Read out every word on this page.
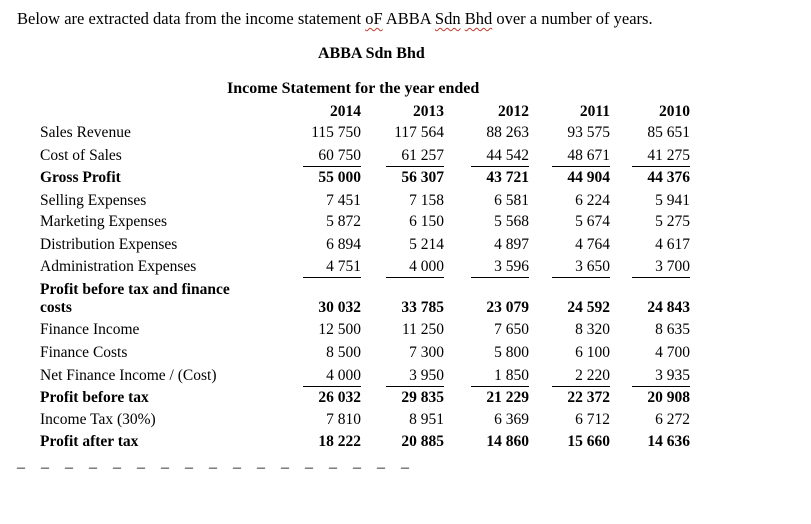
Below are extracted data from the income statement oF ABBA Sdn Bhd over a number of years.
ABBA Sdn Bhd
Income Statement for the year ended
2014	2013	2012	2011	2010
Sales Revenue	115 750	117 564	88 263	93 575	85 651
Cost of Sales	60 750	61 257	44 542	48 671	41 275
Gross Profit	55 000	56 307	43 721	44 904	44 376
Selling Expenses	7 451	7 158	6 581	6 224	5 941
Marketing Expenses	5 872	6 150	5 568	5 674	5 275
Distribution Expenses	6 894	5 214	4 897	4 764	4 617
Administration Expenses	4 751	4 000	3 596	3 650	3 700
Profit before tax and finance
costs	30 032	33 785	23 079	24 592	24 843
Finance Income	12 500	11 250	7 650	8 320	8 635
Finance Costs	8 500	7 300	5 800	6 100	4 700
Net Finance Income / (Cost)	4 000	3 950	1 850	2 220	3 935
Profit before tax	26 032	29 835	21 229	22 372	20 908
Income Tax (30%)	7 810	8 951	6 369	6 712	6 272
Profit after tax	18 222	20 885	14 860	15 660	14 636
– – – – – – – – – – – – – – – – –
